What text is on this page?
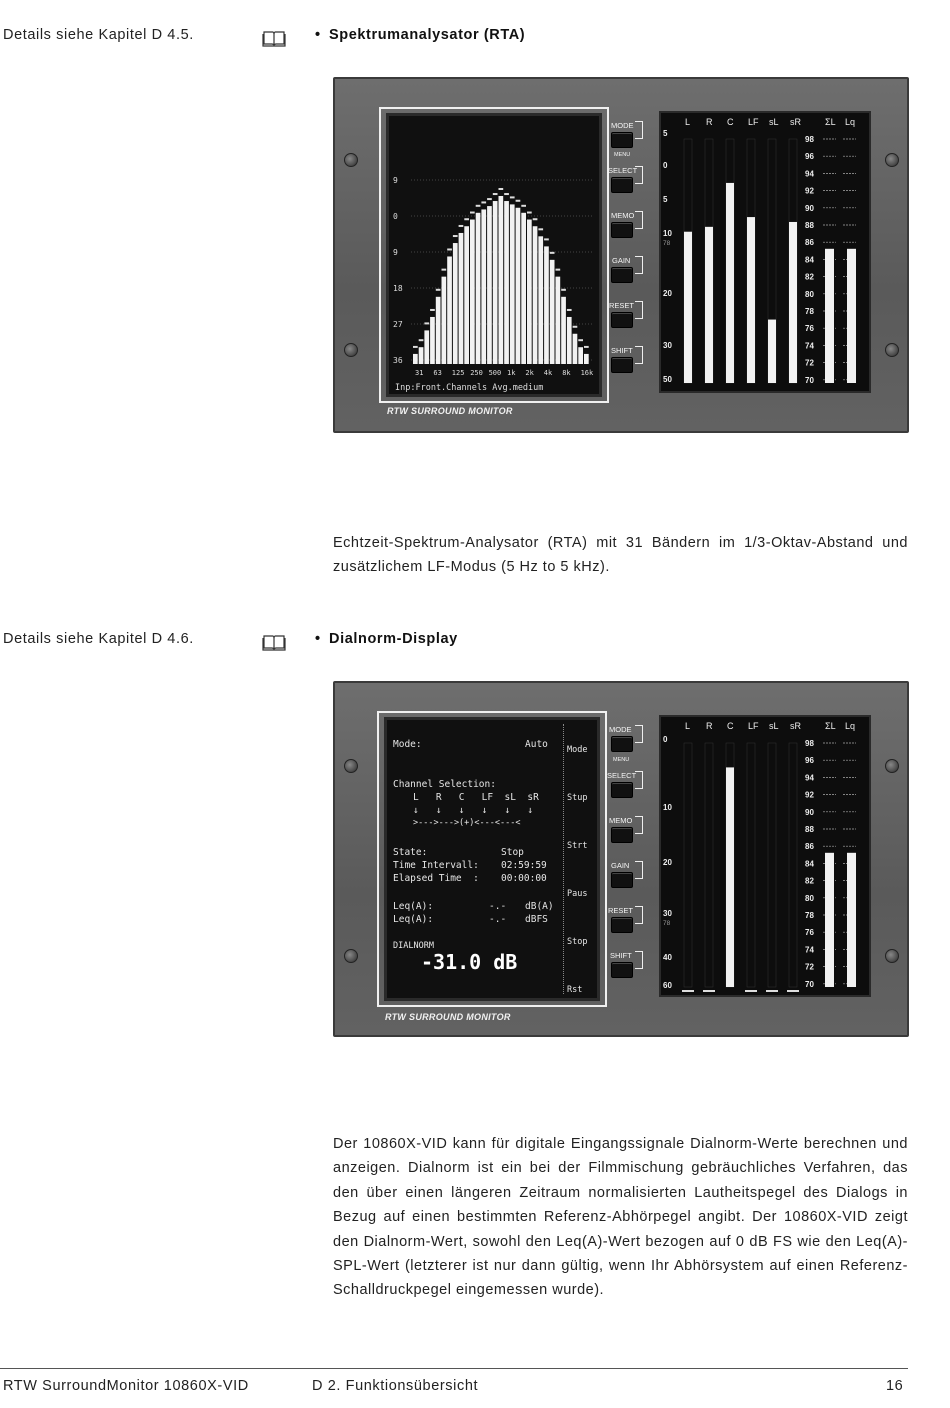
Details siehe Kapitel D 4.5.	• Spektrumanalysator (RTA)
9
0
9
18
27
36
31 63 125 250 500 1k 2k 4k 8k 16k
Inp:Front.Channels Avg.medium
RTW SURROUND MONITOR
MODE
MENU
SELECT
MEMO
GAIN
RESET
SHIFT
L R C LF sL sR	ΣL Lq
98
96
94
92
90
88
86
84
82
80
78
76
74
72
70
5
0
5
10
20
30
50
78
Echtzeit-Spektrum-Analysator (RTA) mit 31 Bändern im 1/3-Oktav-Abstand und zusätzlichem LF-Modus (5 Hz to 5 kHz).
Details siehe Kapitel D 4.6.	• Dialnorm-Display
Mode:	Auto
Channel Selection:
L   R   C   LF  sL  sR
↓   ↓   ↓   ↓   ↓   ↓
>--->--->(+)<---<---<
State:	Stop
Time Intervall: 02:59:59
Elapsed Time  : 00:00:00
Leq(A):	-.- dB(A)
Leq(A):	-.- dBFS
DIALNORM
-31.0 dB
Mode
Stup
Strt
Paus
Stop
Rst
RTW SURROUND MONITOR
MODE
MENU
SELECT
MEMO
GAIN
RESET
SHIFT
L R C LF sL sR	ΣL Lq
98
96
94
92
90
88
86
84
82
80
78
76
74
72
70
0
10
20
30
40
60
78
Der 10860X-VID kann für digitale Eingangssignale Dialnorm-Werte berechnen und anzeigen. Dialnorm ist ein bei der Filmmischung gebräuchliches Verfahren, das den über einen längeren Zeitraum normalisierten Lautheitspegel des Dialogs in Bezug auf einen bestimmten Referenz-Abhörpegel angibt. Der 10860X-VID zeigt den Dialnorm-Wert, sowohl den Leq(A)-Wert bezogen auf 0 dB FS wie den Leq(A)-SPL-Wert (letzterer ist nur dann gültig, wenn Ihr Abhörsystem auf einen Referenz-Schalldruckpegel eingemessen wurde).
RTW SurroundMonitor 10860X-VID	D 2. Funktionsübersicht	16
